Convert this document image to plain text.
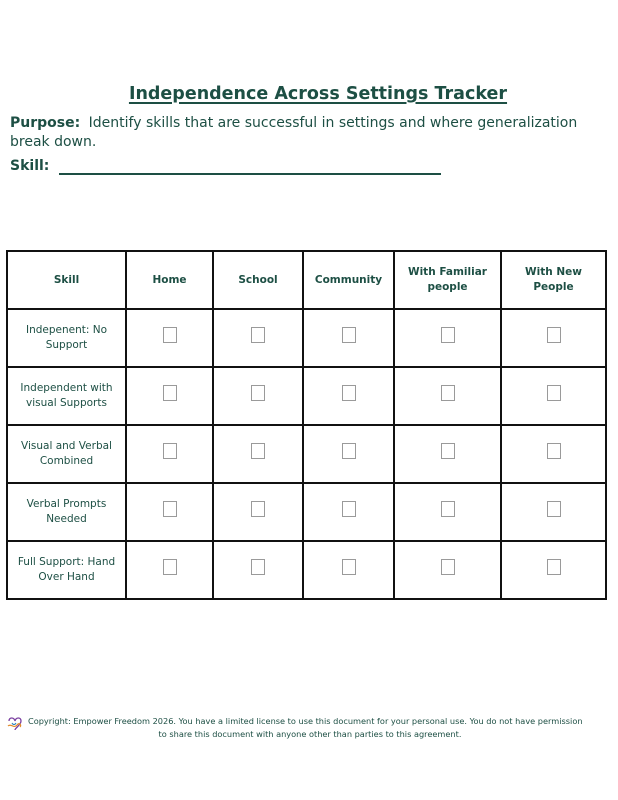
Independence Across Settings Tracker
Purpose: Identify skills that are successful in settings and where generalization break down.
Skill:
Skill	Home	School	Community	With Familiar people	With New People
Indepenent: No Support					
Independent with visual Supports					
Visual and Verbal Combined					
Verbal Prompts Needed					
Full Support: Hand Over Hand					
Copyright: Empower Freedom 2026. You have a limited license to use this document for your personal use. You do not have permission
to share this document with anyone other than parties to this agreement.
